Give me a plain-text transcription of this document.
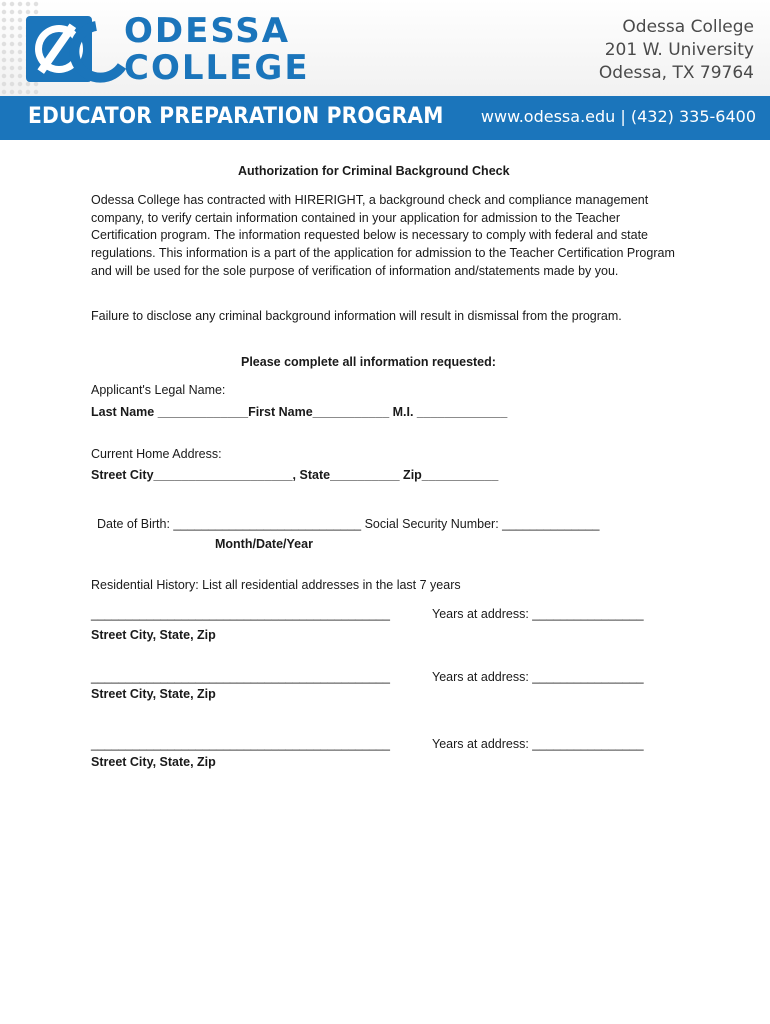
ODESSA
COLLEGE
Odessa College
201 W. University
Odessa, TX 79764
EDUCATOR PREPARATION PROGRAM www.odessa.edu | (432) 335-6400
Authorization for Criminal Background Check
Odessa College has contracted with HIRERIGHT, a background check and compliance management company, to verify certain information contained in your application for admission to the Teacher Certification program. The information requested below is necessary to comply with federal and state regulations. This information is a part of the application for admission to the Teacher Certification Program and will be used for the sole purpose of verification of information and/statements made by you.
Failure to disclose any criminal background information will result in dismissal from the program.
Please complete all information requested:
Applicant's Legal Name:
Last Name _____________First Name___________ M.I. _____________
Current Home Address:
Street City____________________, State__________ Zip___________
Date of Birth: ___________________________ Social Security Number: ______________
Month/Date/Year
Residential History: List all residential addresses in the last 7 years
___________________________________________	Years at address: ________________
Street City, State, Zip
___________________________________________	Years at address: ________________
Street City, State, Zip
___________________________________________	Years at address: ________________
Street City, State, Zip
